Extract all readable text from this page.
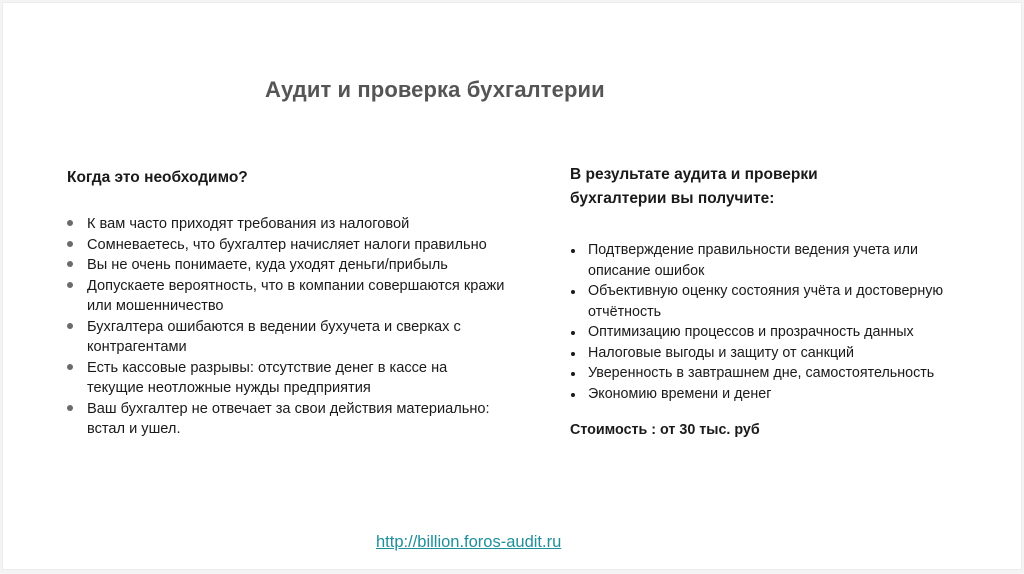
Аудит и проверка бухгалтерии

Когда это необходимо?

К вам часто приходят требования из налоговой
Сомневаетесь, что бухгалтер начисляет налоги правильно
Вы не очень понимаете, куда уходят деньги/прибыль
Допускаете вероятность, что в компании совершаются кражи или мошенничество
Бухгалтера ошибаются в ведении бухучета и сверках с контрагентами
Есть кассовые разрывы: отсутствие денег в кассе на текущие неотложные нужды предприятия
Ваш бухгалтер не отвечает за свои действия материально: встал и ушел.

В результате аудита и проверки
бухгалтерии вы получите:

Подтверждение правильности ведения учета или описание ошибок
Объективную оценку состояния учёта и достоверную отчётность
Оптимизацию процессов и прозрачность данных
Налоговые выгоды и защиту от санкций
Уверенность в завтрашнем дне, самостоятельность
Экономию времени и денег
Стоимость : от 30 тыс. руб
http://billion.foros-audit.ru
